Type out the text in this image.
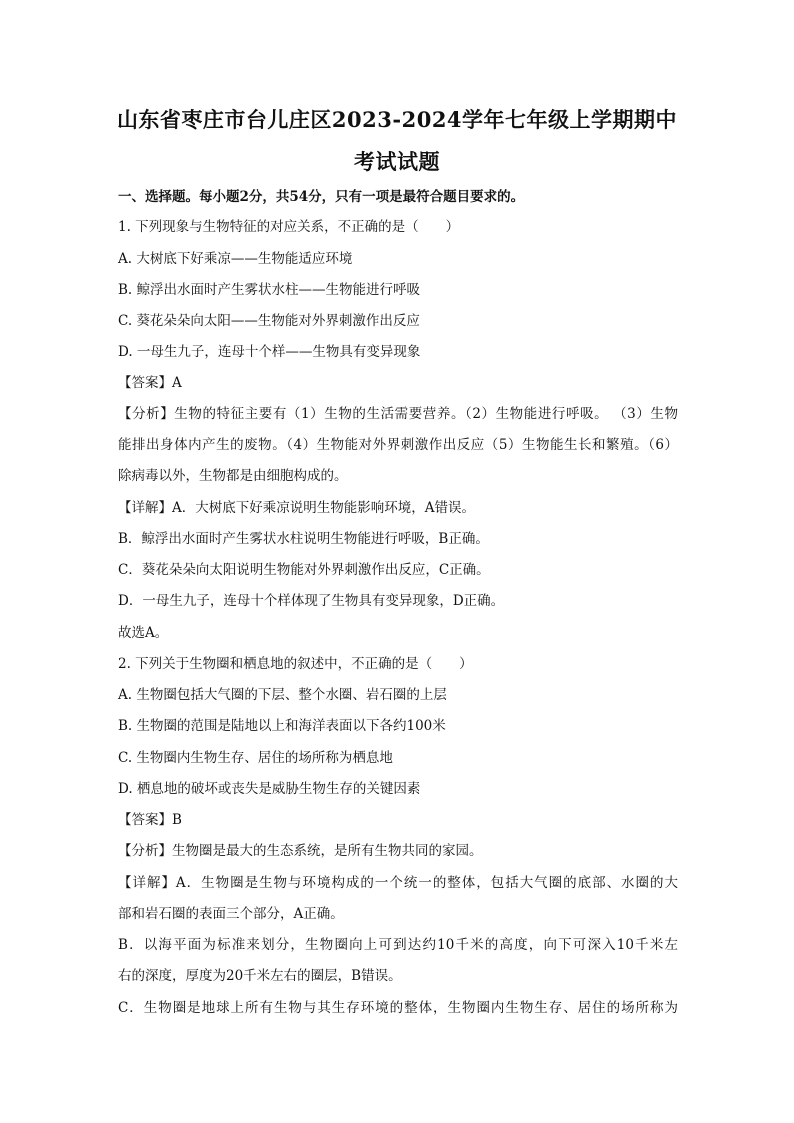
山东省枣庄市台儿庄区2023-2024学年七年级上学期期中
考试试题
一、选择题。每小题2分，共54分，只有一项是最符合题目要求的。
1. 下列现象与生物特征的对应关系，不正确的是（　　）
A. 大树底下好乘凉——生物能适应环境
B. 鲸浮出水面时产生雾状水柱——生物能进行呼吸
C. 葵花朵朵向太阳——生物能对外界刺激作出反应
D. 一母生九子，连母十个样——生物具有变异现象
【答案】A
【分析】生物的特征主要有（1）生物的生活需要营养。（2）生物能进行呼吸。 （3）生物
能排出身体内产生的废物。（4）生物能对外界刺激作出反应（5）生物能生长和繁殖。（6）
除病毒以外，生物都是由细胞构成的。
【详解】A．大树底下好乘凉说明生物能影响环境，A错误。
B．鲸浮出水面时产生雾状水柱说明生物能进行呼吸，B正确。
C．葵花朵朵向太阳说明生物能对外界刺激作出反应，C正确。
D．一母生九子，连母十个样体现了生物具有变异现象，D正确。
故选A。
2. 下列关于生物圈和栖息地的叙述中，不正确的是（　　）
A. 生物圈包括大气圈的下层、整个水圈、岩石圈的上层
B. 生物圈的范围是陆地以上和海洋表面以下各约100米
C. 生物圈内生物生存、居住的场所称为栖息地
D. 栖息地的破坏或丧失是威胁生物生存的关键因素
【答案】B
【分析】生物圈是最大的生态系统，是所有生物共同的家园。
【详解】A．生物圈是生物与环境构成的一个统一的整体，包括大气圈的底部、水圈的大
部和岩石圈的表面三个部分，A正确。
B．以海平面为标准来划分，生物圈向上可到达约10千米的高度，向下可深入10千米左
右的深度，厚度为20千米左右的圈层，B错误。
C．生物圈是地球上所有生物与其生存环境的整体，生物圈内生物生存、居住的场所称为
